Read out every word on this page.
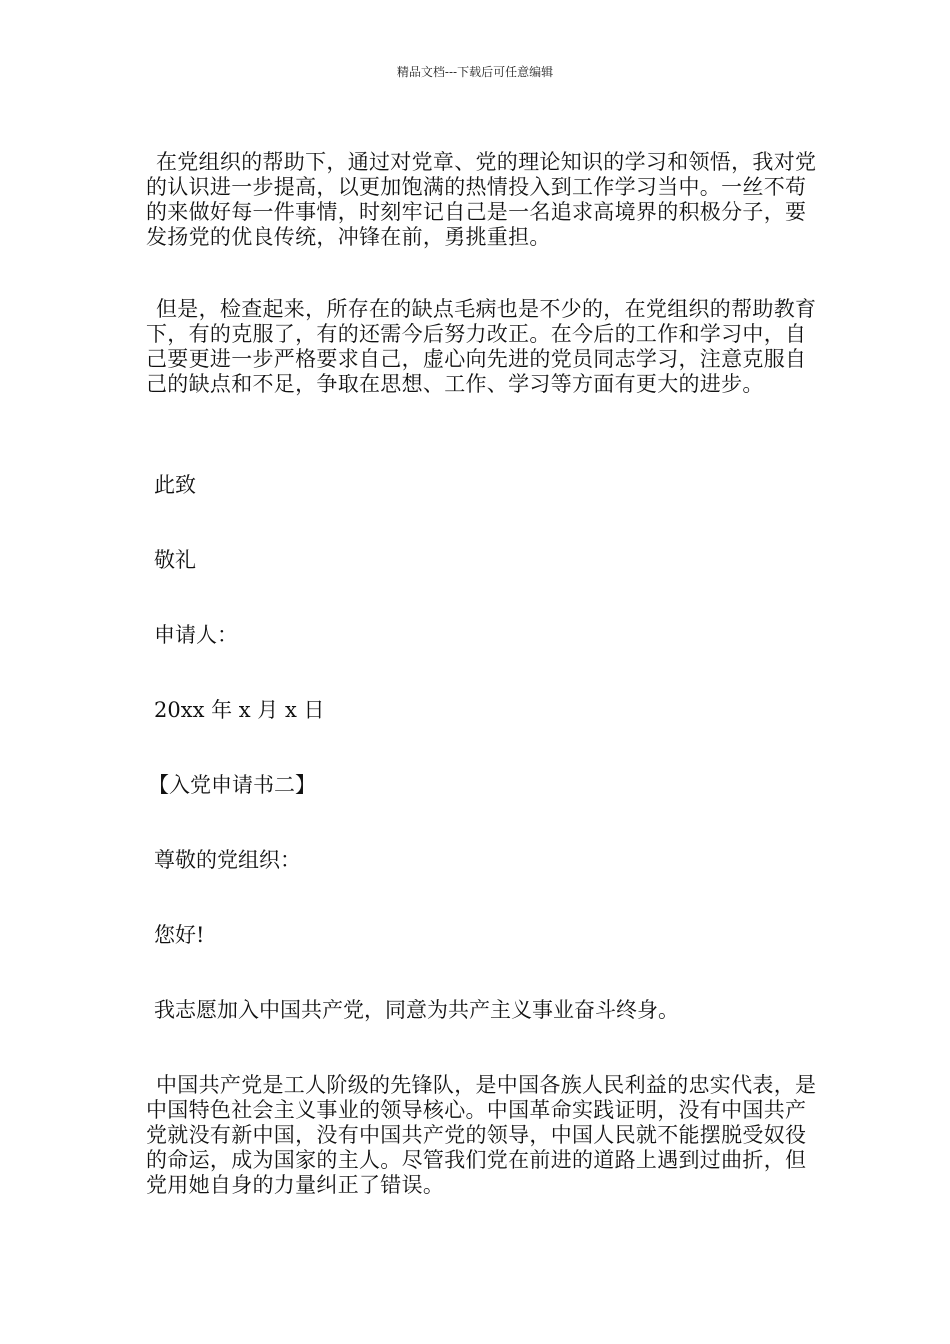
精品文档---下载后可任意编辑

在党组织的帮助下，通过对党章、党的理论知识的学习和领悟，我对党的认识进一步提高，以更加饱满的热情投入到工作学习当中。一丝不苟的来做好每一件事情，时刻牢记自己是一名追求高境界的积极分子，要发扬党的优良传统，冲锋在前，勇挑重担。

但是，检查起来，所存在的缺点毛病也是不少的，在党组织的帮助教育下，有的克服了，有的还需今后努力改正。在今后的工作和学习中，自己要更进一步严格要求自己，虚心向先进的党员同志学习，注意克服自己的缺点和不足，争取在思想、工作、学习等方面有更大的进步。

此致

敬礼

申请人：

20xx 年 x 月 x 日

【入党申请书二】

尊敬的党组织：

您好!

我志愿加入中国共产党，同意为共产主义事业奋斗终身。

中国共产党是工人阶级的先锋队，是中国各族人民利益的忠实代表，是中国特色社会主义事业的领导核心。中国革命实践证明，没有中国共产党就没有新中国，没有中国共产党的领导，中国人民就不能摆脱受奴役的命运，成为国家的主人。尽管我们党在前进的道路上遇到过曲折，但党用她自身的力量纠正了错误。
